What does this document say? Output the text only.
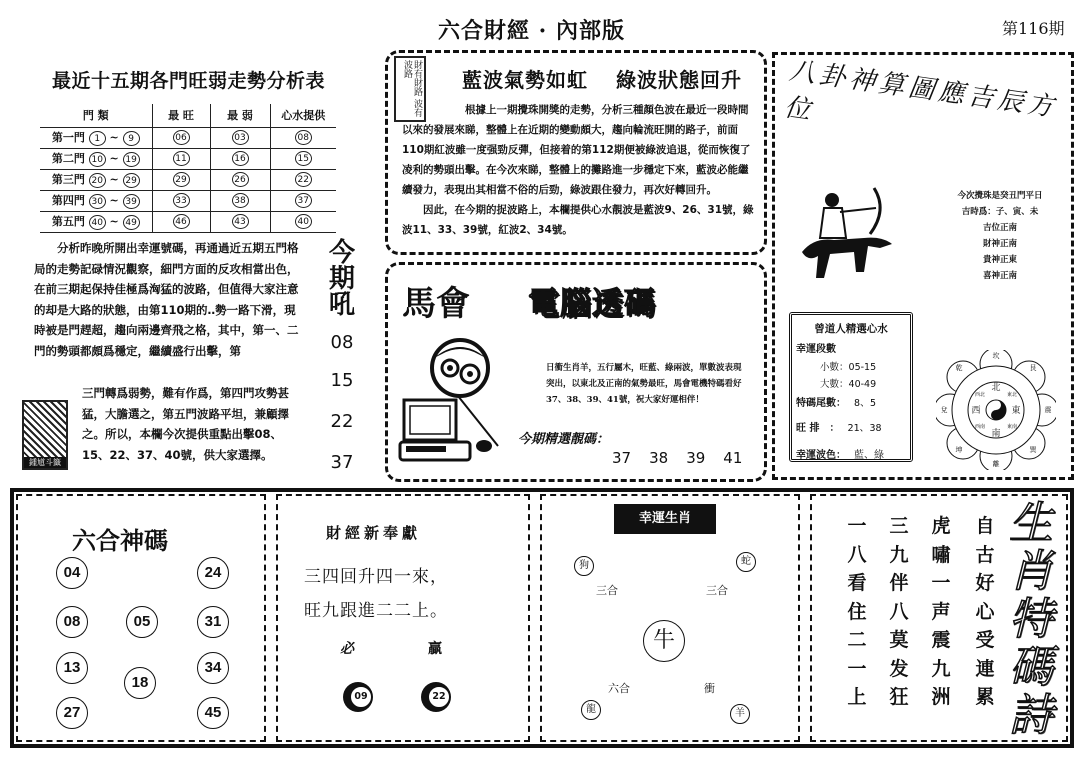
六合財經 · 內部版	第116期
最近十五期各門旺弱走勢分析表
門 類	最 旺	最 弱	心水提供
第一門 1 ~ 9	06	03	08
第二門 10 ~ 19	11	16	15
第三門 20 ~ 29	29	26	22
第四門 30 ~ 39	33	38	37
第五門 40 ~ 49	46	43	40

分析昨晚所開出幸運號碼，再通過近五期五門格局的走勢記碌情況觀察，細門方面的反攻相當出色，在前三期起保持佳極爲洶猛的波路，但值得大家注意的却是大路的狀態，由第110期的‥勢一路下滑，現時被是門趕超，趨向兩邊齊飛之格，其中，第一、二門的勢頭都頗爲穩定，繼續盛行出擊，第

鍾馗斗籤
三門轉爲弱勢，難有作爲，第四門攻勢甚猛，大膽選之，第五門波路平坦，兼顧擇之。所以，本欄今次提供重點出擊08、15、22、37、40號，供大家選擇。
今期吼
08
15
22
37
財有財路 波有波路	藍波氣勢如虹 綠波狀態回升

根據上一期攪珠開獎的走勢，分析三種顏色波在最近一段時間以來的發展來睇，整體上在近期的變動頗大，趨向輪流旺開的路子，前面110期紅波雖一度强勁反彈，但接着的第112期便被綠波追退，從而恢復了凌利的勢頭出擊。在今次來睇，整體上的攤路進一步穩定下來，藍波必能繼續發力，表現出其相當不俗的后勁，綠波跟住發力，再次好轉回升。

因此，在今期的捉波路上，本欄提供心水靚波是藍波9、26、31號，綠波11、33、39號，紅波2、34號。

馬會 電腦透碼
日衝生肖羊，五行屬木，旺藍、綠兩波，單數波表現突出，以東北及正南的氣勢最旺，馬會電機特碼看好37、38、39、41號，祝大家好運相伴！
今期精選靚碼：
37 38 39 41
八卦神算圖應吉辰方位
今次攪珠是癸丑門平日
吉時爲：子、寅、未
吉位正南
財神正南
貴神正東
喜神正南
曾道人精選心水
幸運段數
小數：05-15
大數：40-49
特碼尾數： 8、5
旺 排　： 21、38
幸運波色： 藍、綠
坎
艮
震
巽
離
坤
兌
乾
北
東
南
西
東北
東南
西南
西北
六合神碼
04	24
08	05	31
13	34
18
27	45
財經新奉獻
三四回升四一來，
旺九跟進二二上。
必	贏
09	22
幸運生肖
狗	蛇
牛
龍	羊
三合	三合
六合	衝
自古好心受連累
虎嘯一声震九洲
三九伴八莫发狂
一八看住二一上
生肖特碼詩
